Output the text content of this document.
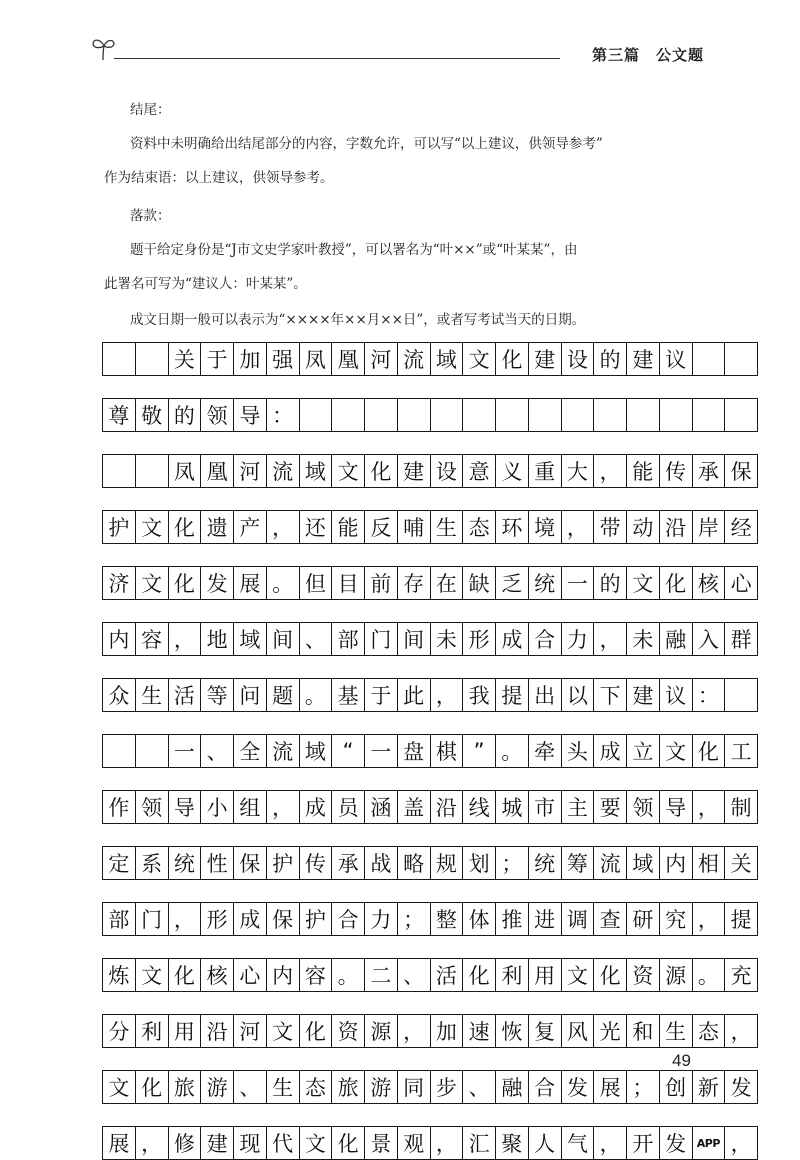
第三篇　公文题

结尾：

资料中未明确给出结尾部分的内容，字数允许，可以写“以上建议，供领导参考”

作为结束语：以上建议，供领导参考。

落款：

题干给定身份是“J市文史学家叶教授”，可以署名为“叶××”或“叶某某”，由

此署名可写为“建议人：叶某某”。

成文日期一般可以表示为“××××年××月××日”，或者写考试当天的日期。

		关	于	加	强	凤	凰	河	流	域	文	化	建	设	的	建	议		

尊	敬	的	领	导	：														

		凤	凰	河	流	域	文	化	建	设	意	义	重	大	，	能	传	承	保

护	文	化	遗	产	，	还	能	反	哺	生	态	环	境	，	带	动	沿	岸	经

济	文	化	发	展	。	但	目	前	存	在	缺	乏	统	一	的	文	化	核	心

内	容	，	地	域	间	、	部	门	间	未	形	成	合	力	，	未	融	入	群

众	生	活	等	问	题	。	基	于	此	，	我	提	出	以	下	建	议	：	

		一	、	全	流	域	“	一	盘	棋	”	。	牵	头	成	立	文	化	工

作	领	导	小	组	，	成	员	涵	盖	沿	线	城	市	主	要	领	导	，	制

定	系	统	性	保	护	传	承	战	略	规	划	；	统	筹	流	域	内	相	关

部	门	，	形	成	保	护	合	力	；	整	体	推	进	调	查	研	究	，	提

炼	文	化	核	心	内	容	。	二	、	活	化	利	用	文	化	资	源	。	充

分	利	用	沿	河	文	化	资	源	，	加	速	恢	复	风	光	和	生	态	，

文	化	旅	游	、	生	态	旅	游	同	步	、	融	合	发	展	；	创	新	发

展	，	修	建	现	代	文	化	景	观	，	汇	聚	人	气	，	开	发	APP	，
49
